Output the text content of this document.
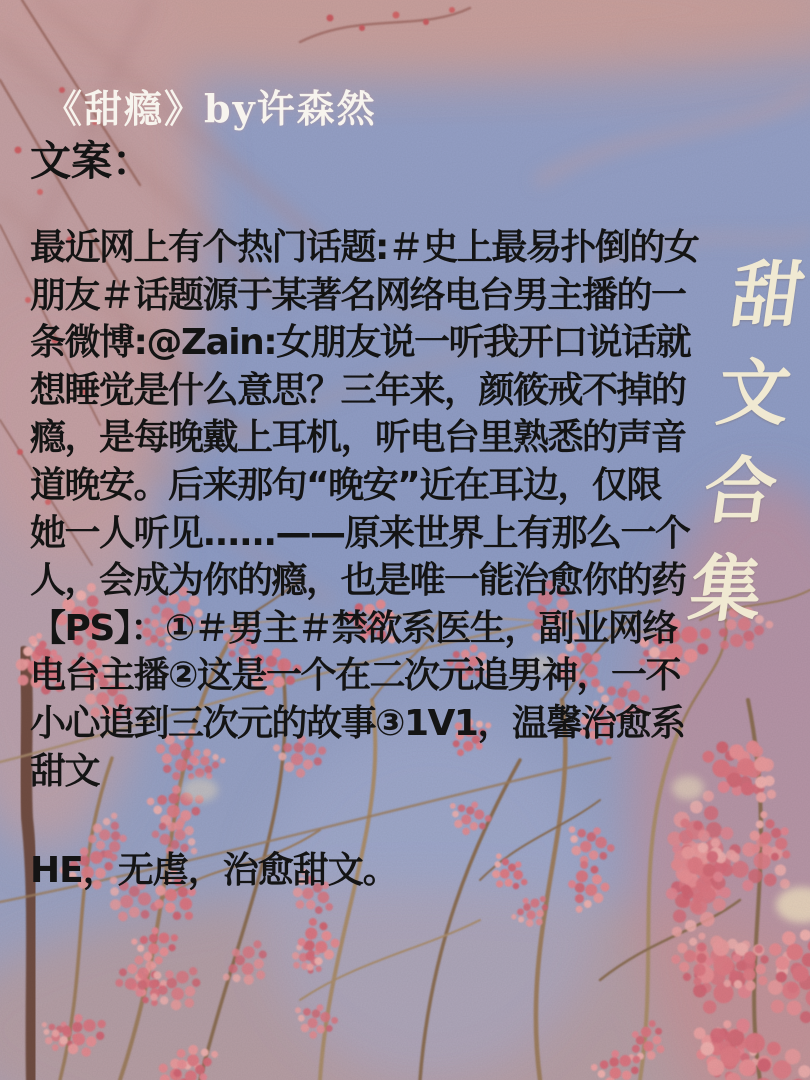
《甜瘾》by许森然
文案：
最近网上有个热门话题:＃史上最易扑倒的女
朋友＃话题源于某著名网络电台男主播的一
条微博:@Zain:女朋友说一听我开口说话就
想睡觉是什么意思？三年来，颜筱戒不掉的
瘾，是每晚戴上耳机，听电台里熟悉的声音
道晚安。后来那句“晚安”近在耳边，仅限
她一人听见......——原来世界上有那么一个
人，会成为你的瘾，也是唯一能治愈你的药
【PS】：①＃男主＃禁欲系医生，副业网络
电台主播②这是一个在二次元追男神，一不
小心追到三次元的故事③1V1，温馨治愈系
甜文
HE，无虐，治愈甜文。
甜
文
合
集
